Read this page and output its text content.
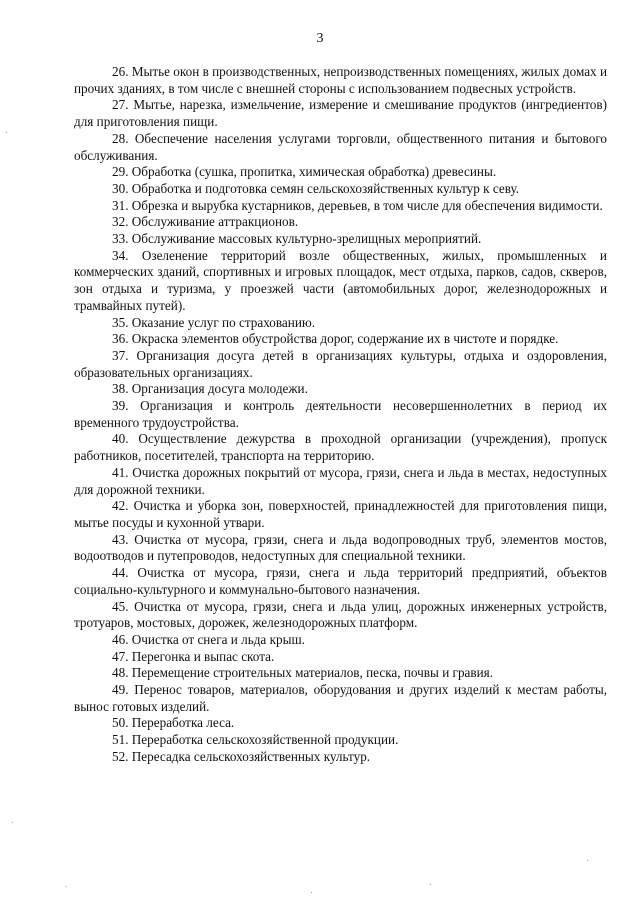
3

26. Мытье окон в производственных, непроизводственных помещениях, жилых домах и прочих зданиях, в том числе с внешней стороны с использованием подвесных устройств.

27. Мытье, нарезка, измельчение, измерение и смешивание продуктов (ингредиентов) для приготовления пищи.

28. Обеспечение населения услугами торговли, общественного питания и бытового обслуживания.

29. Обработка (сушка, пропитка, химическая обработка) древесины.

30. Обработка и подготовка семян сельскохозяйственных культур к севу.

31. Обрезка и вырубка кустарников, деревьев, в том числе для обеспечения видимости.

32. Обслуживание аттракционов.

33. Обслуживание массовых культурно-зрелищных мероприятий.

34. Озеленение территорий возле общественных, жилых, промышленных и коммерческих зданий, спортивных и игровых площадок, мест отдыха, парков, садов, скверов, зон отдыха и туризма, у проезжей части (автомобильных дорог, железнодорожных и трамвайных путей).

35. Оказание услуг по страхованию.

36. Окраска элементов обустройства дорог, содержание их в чистоте и порядке.

37. Организация досуга детей в организациях культуры, отдыха и оздоровления, образовательных организациях.

38. Организация досуга молодежи.

39. Организация и контроль деятельности несовершеннолетних в период их временного трудоустройства.

40. Осуществление дежурства в проходной организации (учреждения), пропуск работников, посетителей, транспорта на территорию.

41. Очистка дорожных покрытий от мусора, грязи, снега и льда в местах, недоступных для дорожной техники.

42. Очистка и уборка зон, поверхностей, принадлежностей для приготовления пищи, мытье посуды и кухонной утвари.

43. Очистка от мусора, грязи, снега и льда водопроводных труб, элементов мостов, водоотводов и путепроводов, недоступных для специальной техники.

44. Очистка от мусора, грязи, снега и льда территорий предприятий, объектов социально-культурного и коммунально-бытового назначения.

45. Очистка от мусора, грязи, снега и льда улиц, дорожных инженерных устройств, тротуаров, мостовых, дорожек, железнодорожных платформ.

46. Очистка от снега и льда крыш.

47. Перегонка и выпас скота.

48. Перемещение строительных материалов, песка, почвы и гравия.

49. Перенос товаров, материалов, оборудования и других изделий к местам работы, вынос готовых изделий.

50. Переработка леса.

51. Переработка сельскохозяйственной продукции.

52. Пересадка сельскохозяйственных культур.
